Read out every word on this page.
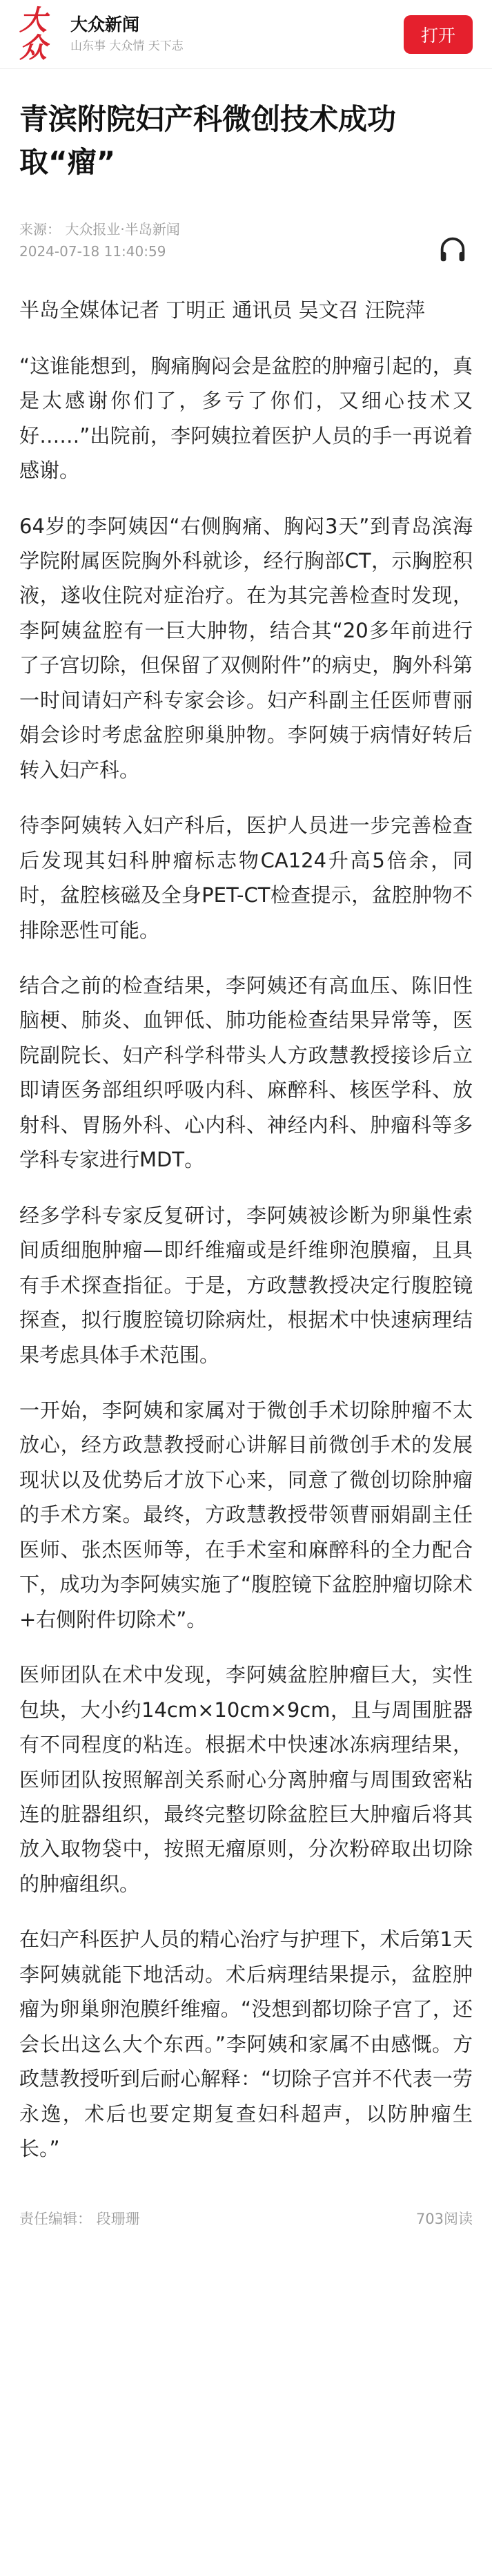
大众
大众新闻
山东事 大众情 天下志
打开
青滨附院妇产科微创技术成功取“瘤”
来源： 大众报业·半岛新闻
2024-07-18 11:40:59

半岛全媒体记者 丁明正 通讯员 吴文召 汪院萍

“这谁能想到，胸痛胸闷会是盆腔的肿瘤引起的，真是太感谢你们了，多亏了你们，又细心技术又好……”出院前，李阿姨拉着医护人员的手一再说着感谢。

64岁的李阿姨因“右侧胸痛、胸闷3天”到青岛滨海学院附属医院胸外科就诊，经行胸部CT，示胸腔积液，遂收住院对症治疗。在为其完善检查时发现，李阿姨盆腔有一巨大肿物，结合其“20多年前进行了子宫切除，但保留了双侧附件”的病史，胸外科第一时间请妇产科专家会诊。妇产科副主任医师曹丽娟会诊时考虑盆腔卵巢肿物。李阿姨于病情好转后转入妇产科。

待李阿姨转入妇产科后，医护人员进一步完善检查后发现其妇科肿瘤标志物CA124升高5倍余，同时，盆腔核磁及全身PET-CT检查提示，盆腔肿物不排除恶性可能。

结合之前的检查结果，李阿姨还有高血压、陈旧性脑梗、肺炎、血钾低、肺功能检查结果异常等，医院副院长、妇产科学科带头人方政慧教授接诊后立即请医务部组织呼吸内科、麻醉科、核医学科、放射科、胃肠外科、心内科、神经内科、肿瘤科等多学科专家进行MDT。

经多学科专家反复研讨，李阿姨被诊断为卵巢性索间质细胞肿瘤—即纤维瘤或是纤维卵泡膜瘤，且具有手术探查指征。于是，方政慧教授决定行腹腔镜探查，拟行腹腔镜切除病灶，根据术中快速病理结果考虑具体手术范围。

一开始，李阿姨和家属对于微创手术切除肿瘤不太放心，经方政慧教授耐心讲解目前微创手术的发展现状以及优势后才放下心来，同意了微创切除肿瘤的手术方案。最终，方政慧教授带领曹丽娟副主任医师、张杰医师等，在手术室和麻醉科的全力配合下，成功为李阿姨实施了“腹腔镜下盆腔肿瘤切除术+右侧附件切除术”。

医师团队在术中发现，李阿姨盆腔肿瘤巨大，实性包块，大小约14cm×10cm×9cm，且与周围脏器有不同程度的粘连。根据术中快速冰冻病理结果，医师团队按照解剖关系耐心分离肿瘤与周围致密粘连的脏器组织，最终完整切除盆腔巨大肿瘤后将其放入取物袋中，按照无瘤原则，分次粉碎取出切除的肿瘤组织。

在妇产科医护人员的精心治疗与护理下，术后第1天李阿姨就能下地活动。术后病理结果提示，盆腔肿瘤为卵巢卵泡膜纤维瘤。“没想到都切除子宫了，还会长出这么大个东西。”李阿姨和家属不由感慨。方政慧教授听到后耐心解释：“切除子宫并不代表一劳永逸，术后也要定期复查妇科超声，以防肿瘤生长。”

责任编辑： 段珊珊	703阅读
